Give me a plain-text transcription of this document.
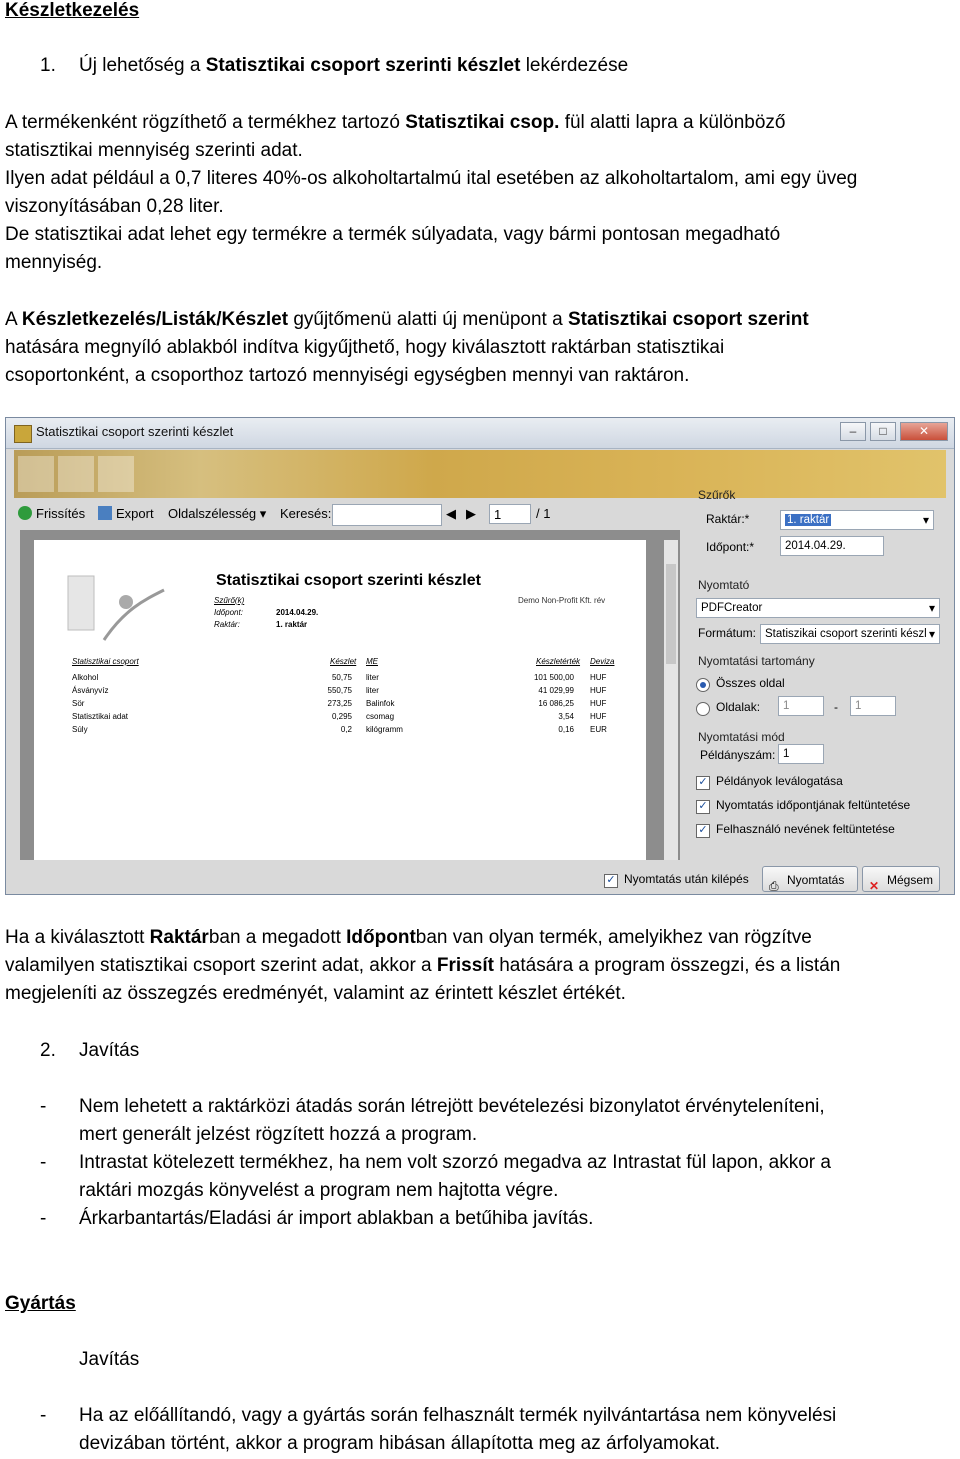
Készletkezelés
1. Új lehetőség a Statisztikai csoport szerinti készlet lekérdezése
A termékenként rögzíthető a termékhez tartozó Statisztikai csop. fül alatti lapra a különböző
statisztikai mennyiség szerinti adat.
Ilyen adat például a 0,7 literes 40%-os alkoholtartalmú ital esetében az alkoholtartalom, ami egy üveg
viszonyításában 0,28 liter.
De statisztikai adat lehet egy termékre a termék súlyadata, vagy bármi pontosan megadható
mennyiség.
A Készletkezelés/Listák/Készlet gyűjtőmenü alatti új menüpont a Statisztikai csoport szerint
hatására megnyíló ablakból indítva kigyűjthető, hogy kiválasztott raktárban statisztikai
csoportonként, a csoporthoz tartozó mennyiségi egységben mennyi van raktáron.
Statisztikai csoport szerinti készlet	–	□	✕
Frissítés	Export Oldalszélesség ▾ Keresés:	◀ ▶	1	/ 1
Statisztikai csoport szerinti készlet
Demo Non-Profit Kft. rév
Szűrő(k)
Időpont:	2014.04.29.
Raktár:	1. raktár
Statisztikai csoport	Készlet ME	Készletérték Deviza
Alkohol	50,75 liter	101 500,00 HUF
Ásványvíz	550,75 liter	41 029,99 HUF
Sör	273,25 Balinfok	16 086,25 HUF
Statisztikai adat	0,295 csomag	3,54 HUF
Súly	0,2 kilógramm	0,16 EUR
Szűrők
Raktár:*	1. raktár ▾
Időpont:*	2014.04.29.
Nyomtató
PDFCreator ▾
Formátum: Statiszikai csoport szerinti készl ▾
Nyomtatási tartomány
Összes oldal
Oldalak:	1	-	1
Nyomtatási mód
Példányszám: 1
✓ Példányok leválogatása
✓ Nyomtatás időpontjának feltüntetése
✓ Felhasználó nevének feltüntetése
✓ Nyomtatás után kilépés ⎙ Nyomtatás	✕ Mégsem
Ha a kiválasztott Raktárban a megadott Időpontban van olyan termék, amelyikhez van rögzítve
valamilyen statisztikai csoport szerint adat, akkor a Frissít hatására a program összegzi, és a listán
megjeleníti az összegzés eredményét, valamint az érintett készlet értékét.
2. Javítás
- Nem lehetett a raktárközi átadás során létrejött bevételezési bizonylatot érvényteleníteni,
mert generált jelzést rögzített hozzá a program.
- Intrastat kötelezett termékhez, ha nem volt szorzó megadva az Intrastat fül lapon, akkor a
raktári mozgás könyvelést a program nem hajtotta végre.
- Árkarbantartás/Eladási ár import ablakban a betűhiba javítás.
Gyártás
Javítás
- Ha az előállítandó, vagy a gyártás során felhasznált termék nyilvántartása nem könyvelési
devizában történt, akkor a program hibásan állapította meg az árfolyamokat.
